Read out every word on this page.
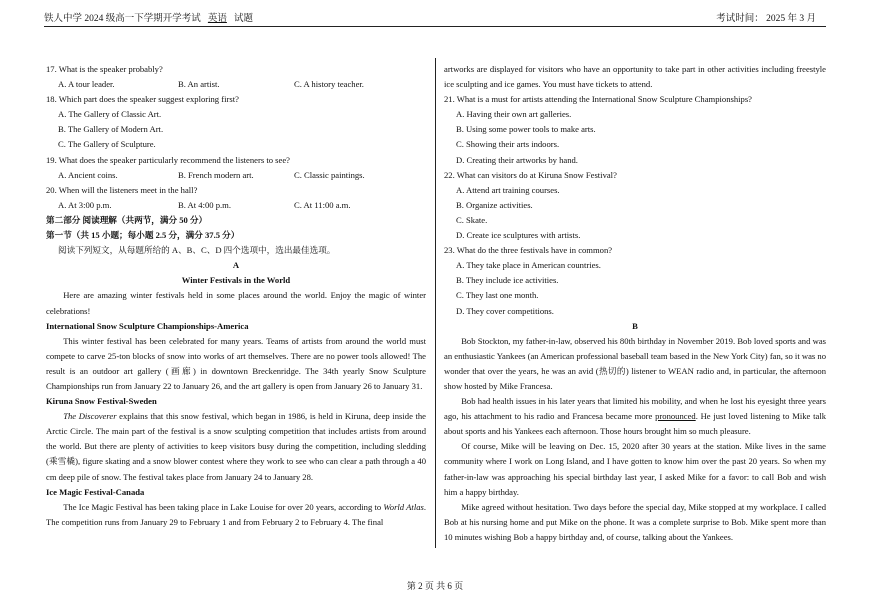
铁人中学 2024 级高一下学期开学考试 英语 试题	考试时间： 2025 年 3 月

17. What is the speaker probably?

A. A tour leader.	B. An artist.	C. A history teacher.

18. Which part does the speaker suggest exploring first?

A. The Gallery of Classic Art.

B. The Gallery of Modern Art.

C. The Gallery of Sculpture.

19. What does the speaker particularly recommend the listeners to see?

A. Ancient coins.	B. French modern art.	C. Classic paintings.

20. When will the listeners meet in the hall?

A. At 3:00 p.m.	B. At 4:00 p.m.	C. At 11:00 a.m.

第二部分 阅读理解（共两节，满分 50 分）

第一节（共 15 小题；每小题 2.5 分，满分 37.5 分）

阅读下列短文，从每题所给的 A、B、C、D 四个选项中，选出最佳选项。

A

Winter Festivals in the World

Here are amazing winter festivals held in some places around the world. Enjoy the magic of winter celebrations!

International Snow Sculpture Championships-America

This winter festival has been celebrated for many years. Teams of artists from around the world must compete to carve 25-ton blocks of snow into works of art themselves. There are no power tools allowed! The result is an outdoor art gallery (画廊) in downtown Breckenridge. The 34th yearly Snow Sculpture Championships run from January 22 to January 26, and the art gallery is open from January 26 to January 31.

Kiruna Snow Festival-Sweden

The Discoverer explains that this snow festival, which began in 1986, is held in Kiruna, deep inside the Arctic Circle. The main part of the festival is a snow sculpting competition that includes artists from around the world. But there are plenty of activities to keep visitors busy during the competition, including sledding (乘雪橇), figure skating and a snow blower contest where they work to see who can clear a path through a 40 cm deep pile of snow. The festival takes place from January 24 to January 28.

Ice Magic Festival-Canada

The Ice Magic Festival has been taking place in Lake Louise for over 20 years, according to World Atlas. The competition runs from January 29 to February 1 and from February 2 to February 4. The final

artworks are displayed for visitors who have an opportunity to take part in other activities including freestyle ice sculpting and ice games. You must have tickets to attend.

21. What is a must for artists attending the International Snow Sculpture Championships?

A. Having their own art galleries.

B. Using some power tools to make arts.

C. Showing their arts indoors.

D. Creating their artworks by hand.

22. What can visitors do at Kiruna Snow Festival?

A. Attend art training courses.

B. Organize activities.

C. Skate.

D. Create ice sculptures with artists.

23. What do the three festivals have in common?

A. They take place in American countries.

B. They include ice activities.

C. They last one month.

D. They cover competitions.

B

Bob Stockton, my father-in-law, observed his 80th birthday in November 2019. Bob loved sports and was an enthusiastic Yankees (an American professional baseball team based in the New York City) fan, so it was no wonder that over the years, he was an avid (热切的) listener to WEAN radio and, in particular, the afternoon show hosted by Mike Francesa.

Bob had health issues in his later years that limited his mobility, and when he lost his eyesight three years ago, his attachment to his radio and Francesa became more pronounced. He just loved listening to Mike talk about sports and his Yankees each afternoon. Those hours brought him so much pleasure.

Of course, Mike will be leaving on Dec. 15, 2020 after 30 years at the station. Mike lives in the same community where I work on Long Island, and I have gotten to know him over the past 20 years. So when my father-in-law was approaching his special birthday last year, I asked Mike for a favor: to call Bob and wish him a happy birthday.

Mike agreed without hesitation. Two days before the special day, Mike stopped at my workplace. I called Bob at his nursing home and put Mike on the phone. It was a complete surprise to Bob. Mike spent more than 10 minutes wishing Bob a happy birthday and, of course, talking about the Yankees.

第 2 页 共 6 页
